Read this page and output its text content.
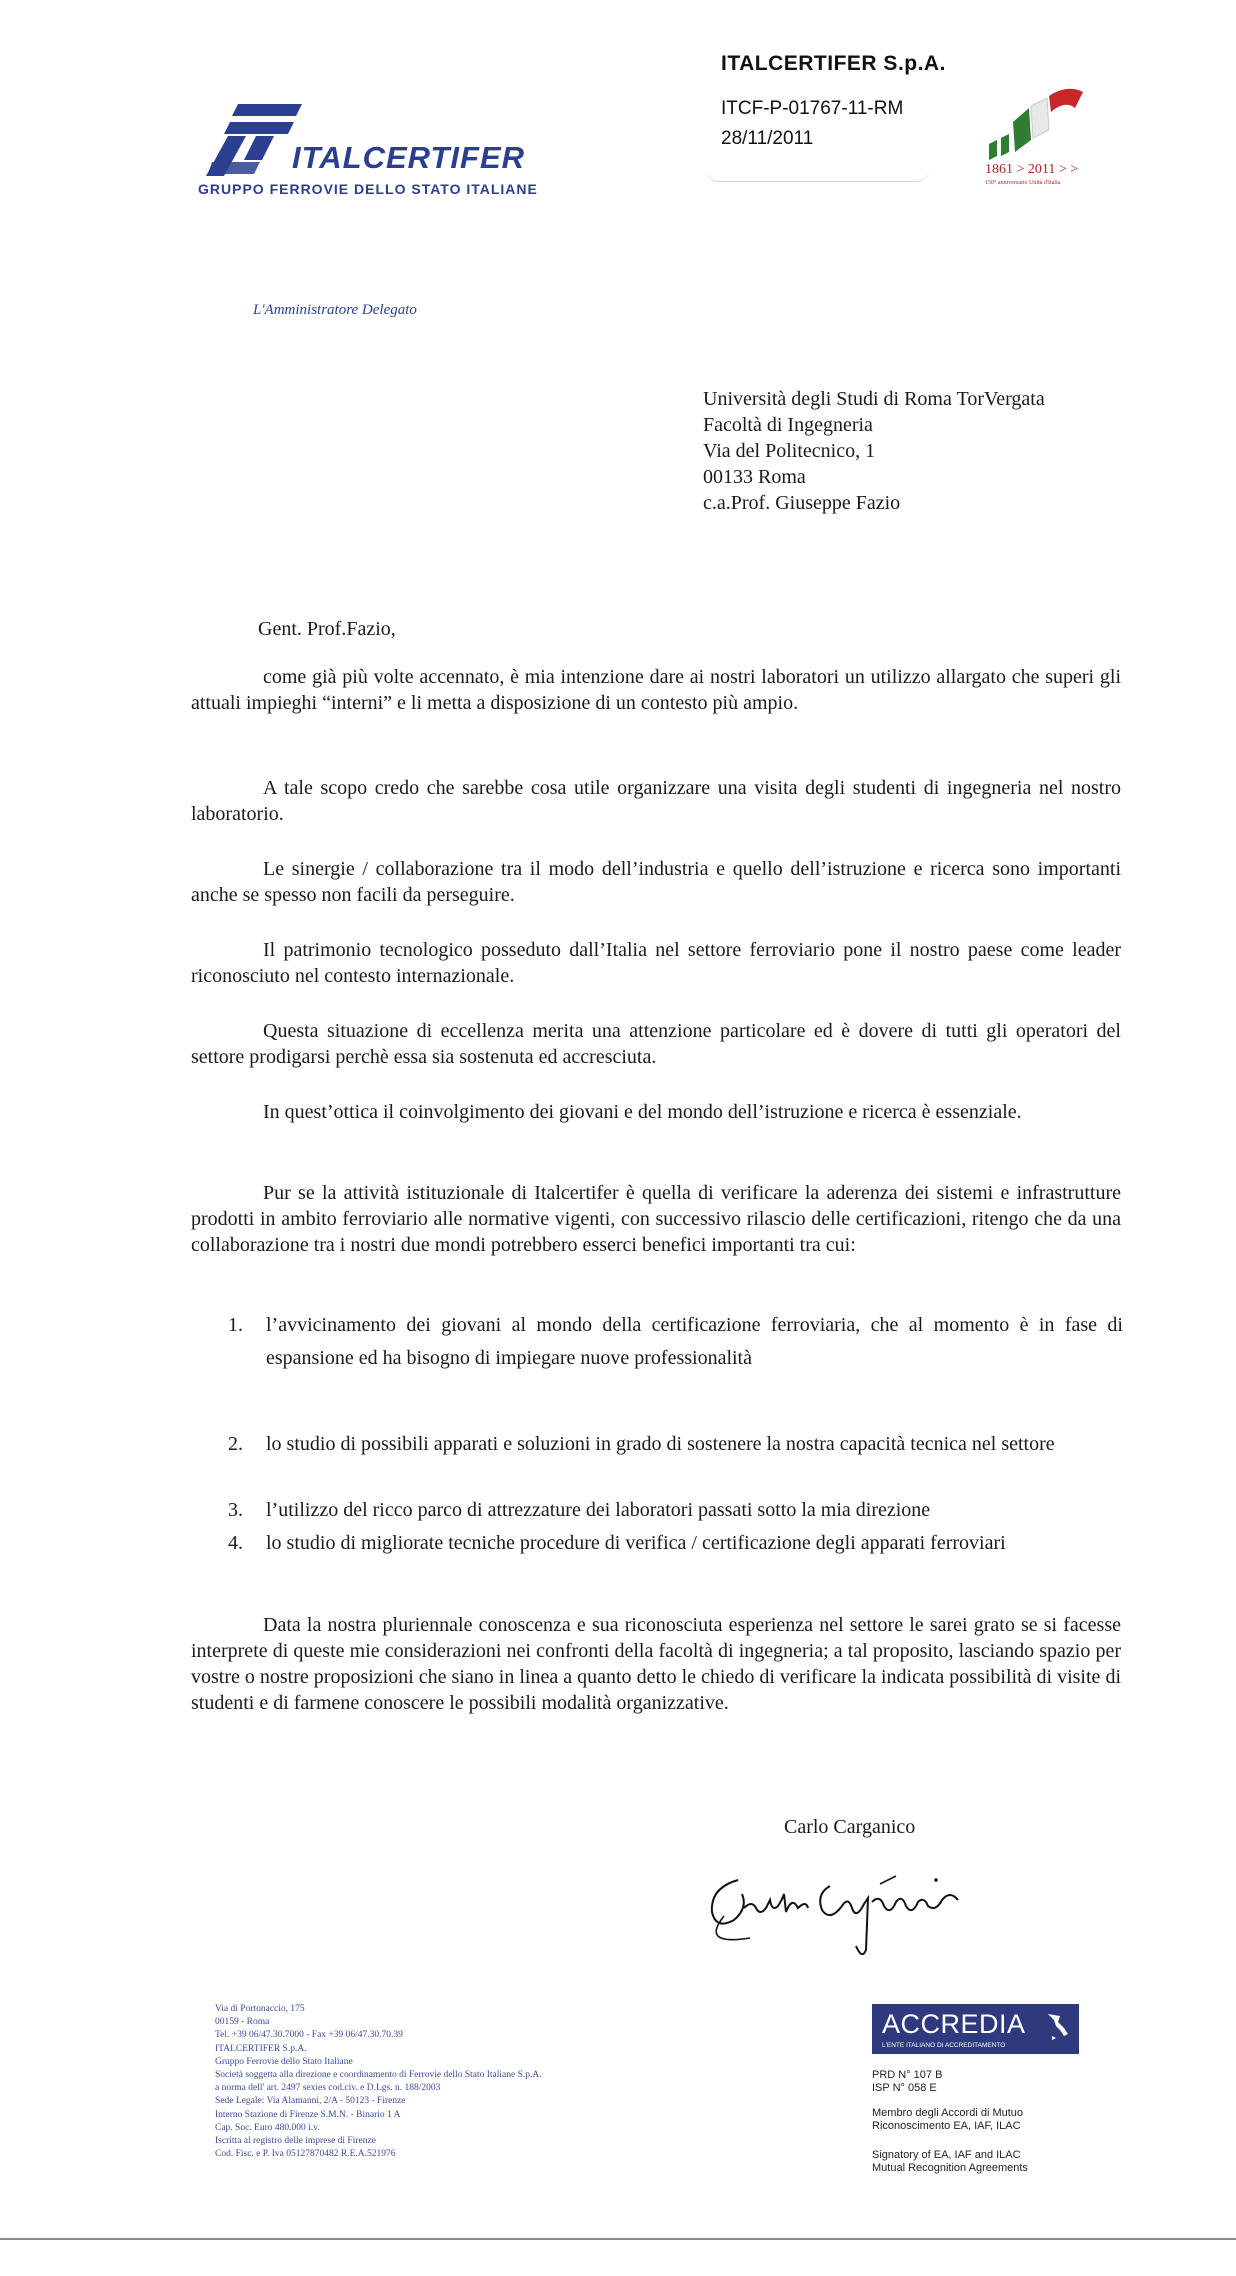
ITALCERTIFER
GRUPPO FERROVIE DELLO STATO ITALIANE
ITALCERTIFER S.p.A.
ITCF-P-01767-11-RM
28/11/2011
1861 > 2011 > >
150° anniversario Unità d'Italia
L'Amministratore Delegato
Università degli Studi di Roma TorVergata
Facoltà di Ingegneria
Via del Politecnico, 1
00133 Roma
c.a.Prof. Giuseppe Fazio
Gent. Prof.Fazio,
come già più volte accennato, è mia intenzione dare ai nostri laboratori un utilizzo allargato che superi gli attuali impieghi “interni” e li metta a disposizione di un contesto più ampio.
A tale scopo credo che sarebbe cosa utile organizzare una visita degli studenti di ingegneria nel nostro laboratorio.
Le sinergie / collaborazione tra il modo dell’industria e quello dell’istruzione e ricerca sono importanti anche se spesso non facili da perseguire.
Il patrimonio tecnologico posseduto dall’Italia nel settore ferroviario pone il nostro paese come leader riconosciuto nel contesto internazionale.
Questa situazione di eccellenza merita una attenzione particolare ed è dovere di tutti gli operatori del settore prodigarsi perchè essa sia sostenuta ed accresciuta.
In quest’ottica il coinvolgimento dei giovani e del mondo dell’istruzione e ricerca è essenziale.
Pur se la attività istituzionale di Italcertifer è quella di verificare la aderenza dei sistemi e infrastrutture prodotti in ambito ferroviario alle normative vigenti, con successivo rilascio delle certificazioni, ritengo che da una collaborazione tra i nostri due mondi potrebbero esserci benefici importanti tra cui:
1.	l’avvicinamento dei giovani al mondo della certificazione ferroviaria, che al momento è in fase di espansione ed ha bisogno di impiegare nuove professionalità
2.	lo studio di possibili apparati e soluzioni in grado di sostenere la nostra capacità tecnica nel settore
3.	l’utilizzo del ricco parco di attrezzature dei laboratori passati sotto la mia direzione
4.	lo studio di migliorate tecniche procedure di verifica / certificazione degli apparati ferroviari
Data la nostra pluriennale conoscenza e sua riconosciuta esperienza nel settore le sarei grato se si facesse interprete di queste mie considerazioni nei confronti della facoltà di ingegneria; a tal proposito, lasciando spazio per vostre o nostre proposizioni che siano in linea a quanto detto le chiedo di verificare la indicata possibilità di visite di studenti e di farmene conoscere le possibili modalità organizzative.
Carlo Carganico
Via di Portonaccio, 175
00159 - Roma
Tel. +39 06/47.30.7000 - Fax +39 06/47.30.70.39
ITALCERTIFER S.p.A.
Gruppo Ferrovie dello Stato Italiane
Società soggetta alla direzione e coordinamento di Ferrovie dello Stato Italiane S.p.A.
a norma dell' art. 2497 sexies cod.civ. e D.Lgs. n. 188/2003
Sede Legale: Via Alamanni, 2/A - 50123 - Firenze
Interno Stazione di Firenze S.M.N. - Binario 1 A
Cap. Soc. Euro 480.000 i.v.
Iscritta al registro delle imprese di Firenze
Cod. Fisc. e P. Iva 05127870482 R.E.A.521976
ACCREDIA
L'ENTE ITALIANO DI ACCREDITAMENTO
PRD N° 107 B
ISP N° 058 E
Membro degli Accordi di Mutuo
Riconoscimento EA, IAF, ILAC
Signatory of EA, IAF and ILAC
Mutual Recognition Agreements
